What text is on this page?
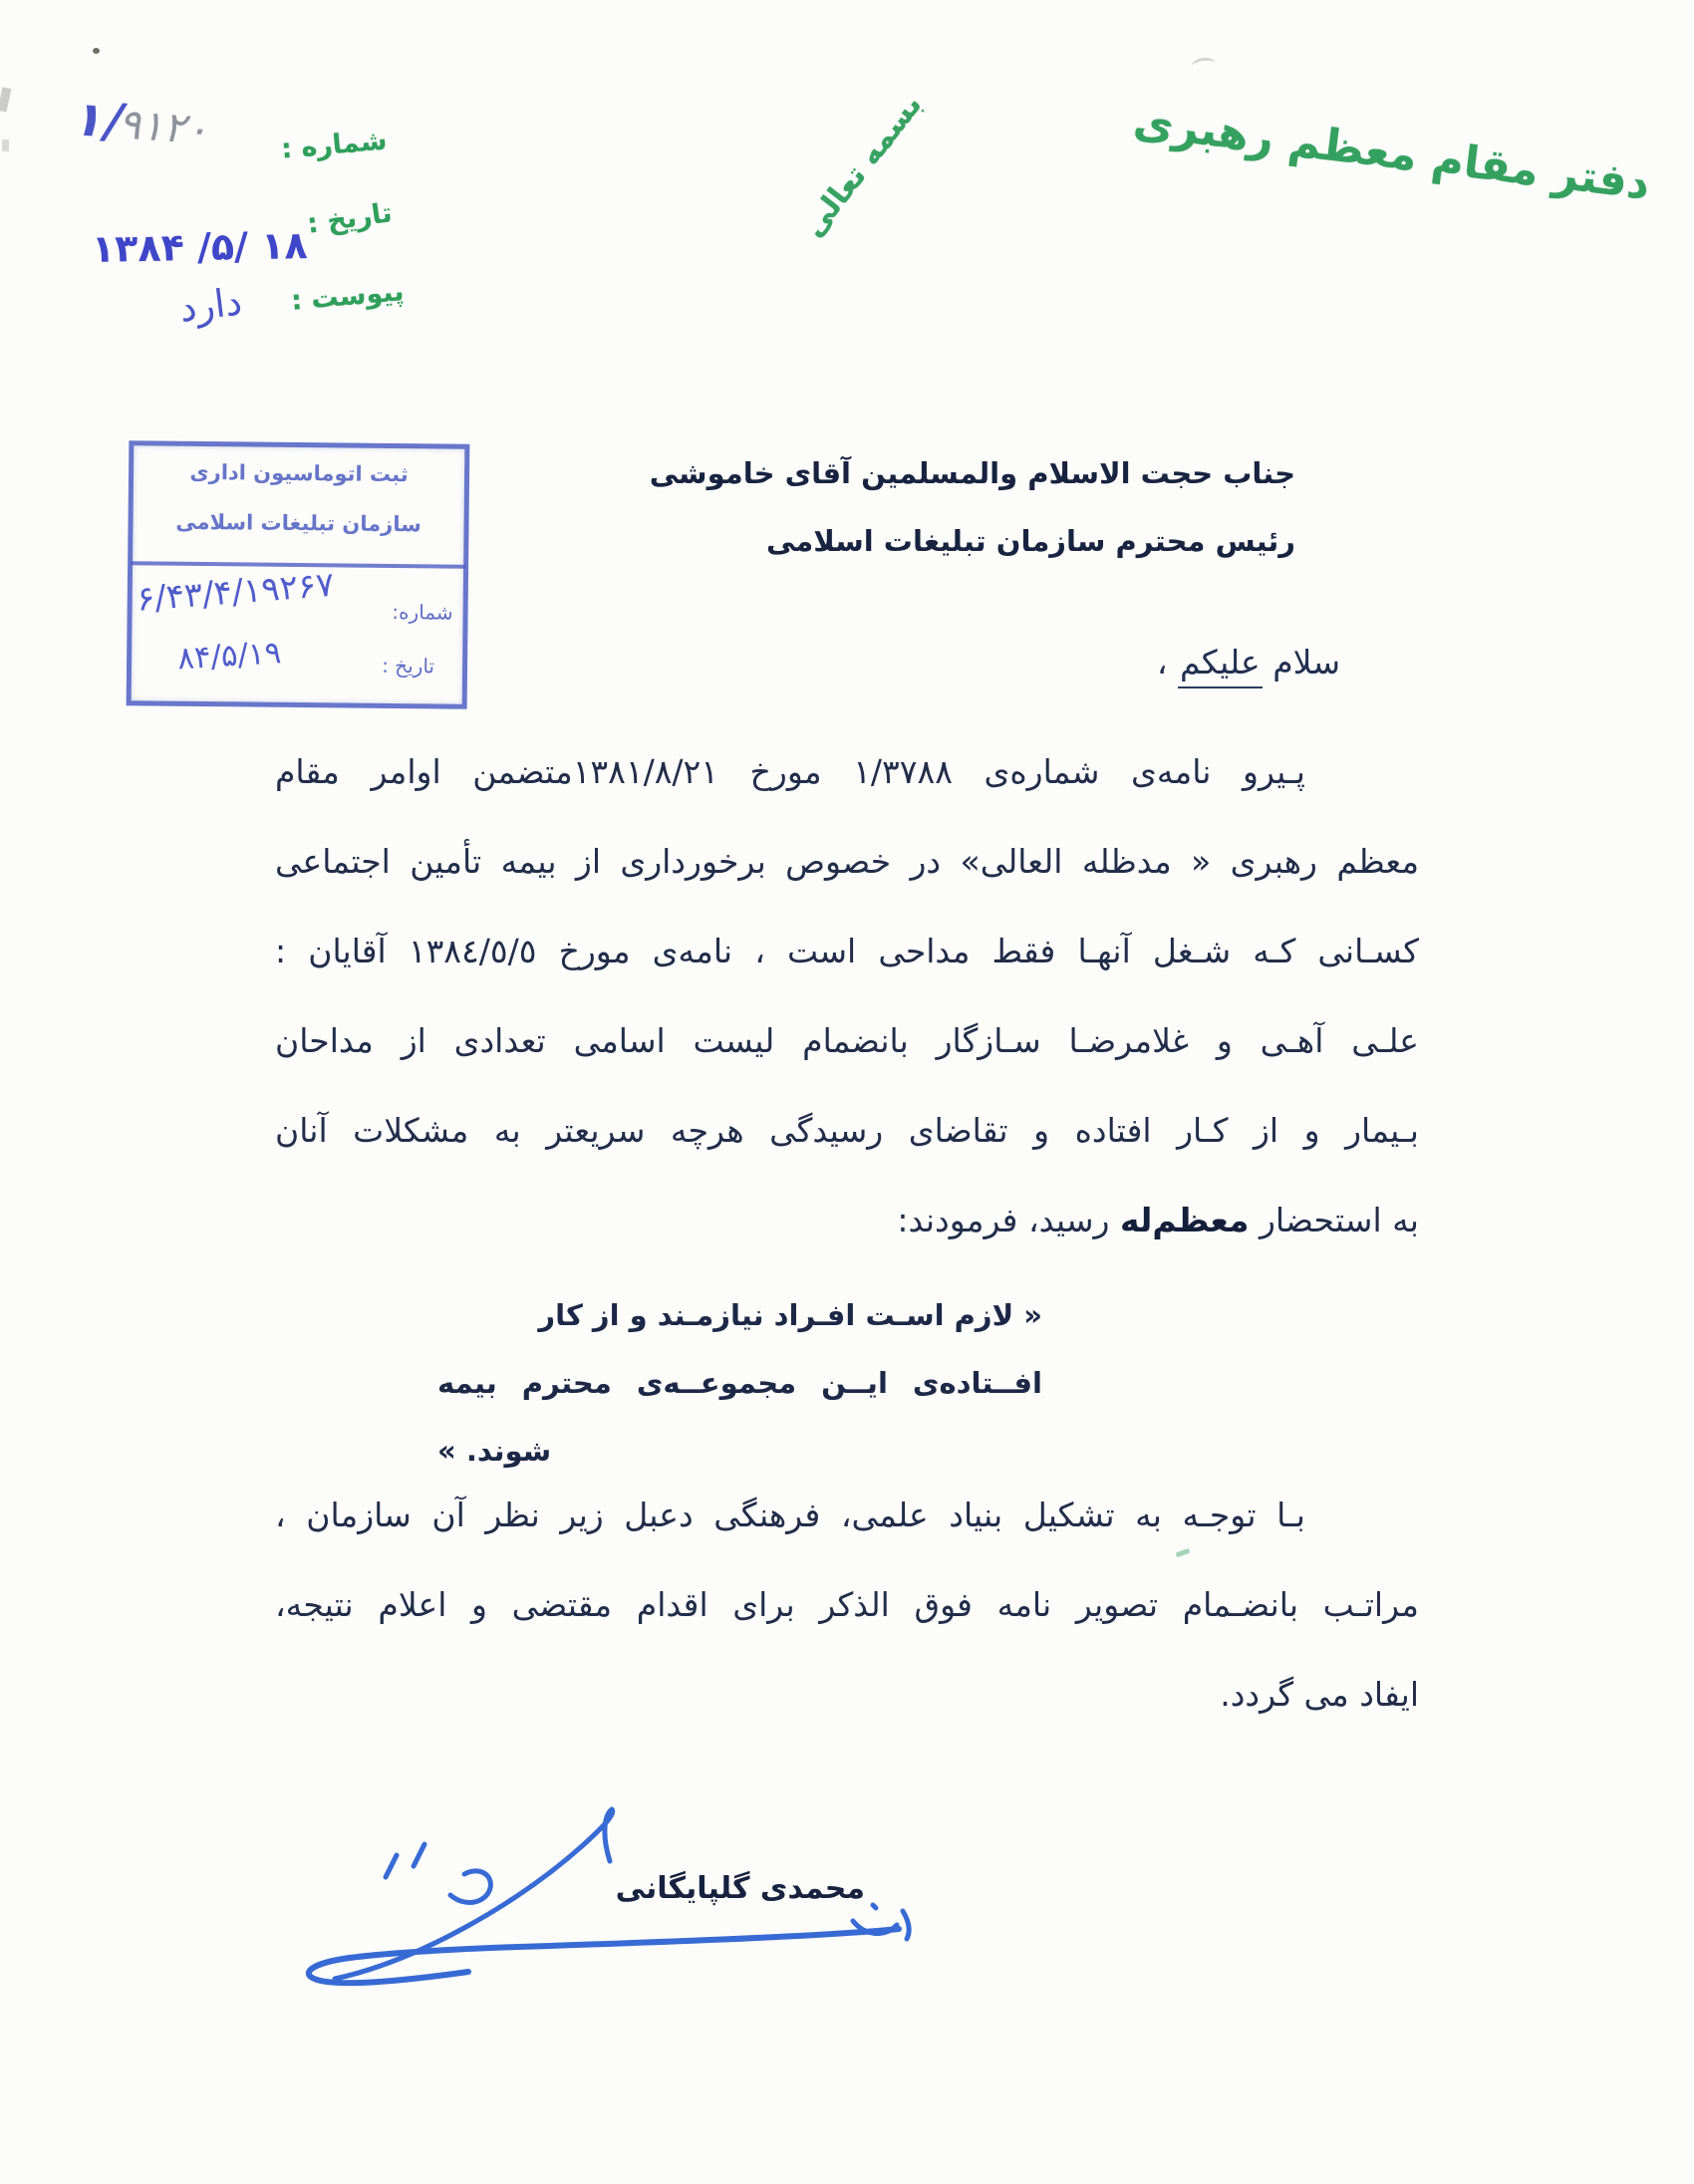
دفتر مقام معظم رهبری
بسمه تعالی
شماره :
۱/۹۱۲۰
تاریخ :
۱۳۸۴ /۵/ ۱۸
پیوست :
دارد
ثبت اتوماسیون اداری
سازمان تبلیغات اسلامی
شماره:
۶/۴۳/۴/۱۹۲۶۷
تاریخ :
۸۴/۵/۱۹
جناب حجت الاسلام والمسلمین آقای خاموشی
رئیس محترم سازمان تبلیغات اسلامی
سلام علیکم ،
پـیرو نامه‌ی شماره‌ی ۱/۳۷۸۸ مورخ ۱۳۸۱/۸/۲۱متضمن اوامر مقام
معظم رهبری « مدظله العالی» در خصوص برخورداری از بیمه تأمین اجتماعی
کسـانی کـه شـغل آنهـا فقط مداحی است ، نامه‌ی مورخ ١٣٨٤/٥/٥ آقایان :
علـی آهـی و غلامرضـا سـازگار بانضمام لیست اسامی تعدادی از مداحان
بـیمار و از کـار افتاده و تقاضای رسیدگی هرچه سریعتر به مشکلات آنان
به استحضار معظم‌له رسید، فرمودند:
« لازم اسـت افـراد نیازمـند و از کار
افــتاده‌ی ایــن مجموعــه‌ی محترم بیمه
شوند. »
بـا توجـه به تشکیل بنیاد علمی، فرهنگی دعبل زیر نظر آن سازمان ،
مراتـب بانضـمام تصویر نامه فوق الذکر برای اقدام مقتضی و اعلام نتیجه،
ایفاد می گردد.
محمدی گلپایگانی
